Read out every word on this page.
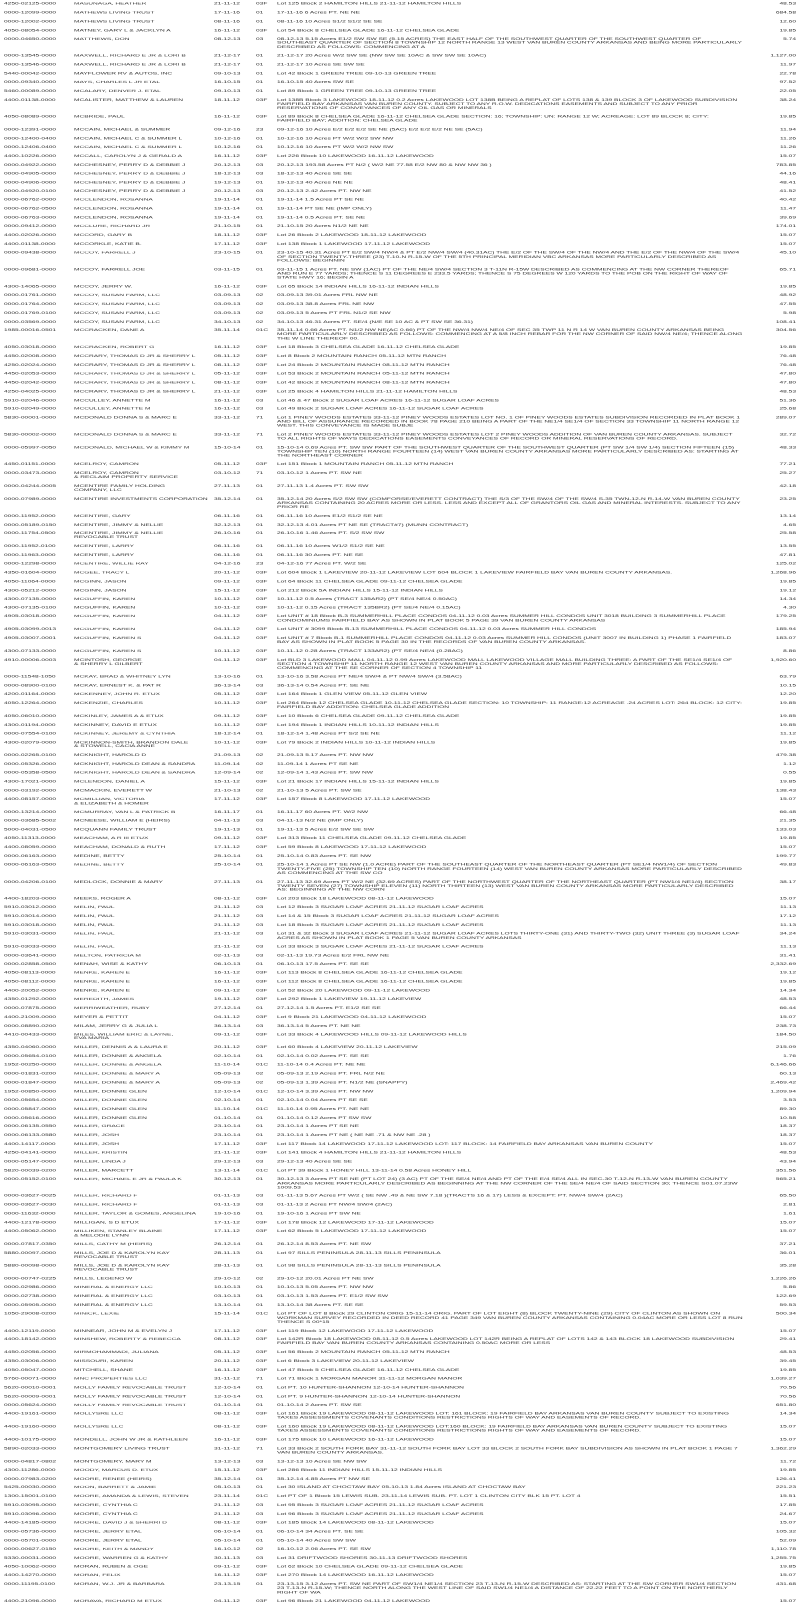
4250-02125-0000	MASUNAGA, HEATHER	21-11-12	03F	Lot 125 Block 2 HAMILTON HILLS 21-11-12 HAMILTON HILLS	48.53
0000-12099-0000	MATHEWS LIVING TRUST	17-11-16	01	17-11-16 6 Acres PT. NE NE	684.58
0000-12002-0000	MATHEWS LIVING TRUST	08-11-16	01	08-11-16 10 Acres S1/2 S1/2 SE SE	12.60
4050-08054-0000	MATNEY, GARY L & JACKLYN A	16-11-12	03F	Lot 54 Block 8 CHELSEA GLADE 16-11-12 CHELSEA GLADE	19.85
0000-04650-0000	MATTHEWS, DON	08-12-13	03	08-12-13 5.15 Acres E1/2 SW SW SE (5.15 ACRES) THE EAST HALF OF THE SOUTHWEST QUARTER OF THE SOUTHWEST QUARTER OF SOUTHEAST QUARTER OF SECTION 8 TOWNSHIP 12 NORTH RANGE 13 WEST VAN BUREN COUNTY ARKANSAS AND BEING MORE PARTICULARLY DESCRIBED AS FOLLOWS: COMMENCING AT A
5.74
0000-13545-0000	MAXWELL, RICHARD E JR & LORI B	21-12-17	01	21-12-17 20 Acres W/2 SW SE (NW SW SE 10AC & SW SW SE 10AC)	1,127.00
0000-13546-0000	MAXWELL, RICHARD E JR & LORI B	21-12-17	01	21-12-17 10 Acres SE SW SE	11.97
5440-00042-0000	MAYFLOWER RV & AUTOS, INC	09-10-13	01	Lot 42 Block 1 GREEN TREE 09-10-13 GREEN TREE	22.78
0000-09340-0000	MAYS, CHARLES L JR ETAL	16-10-15	01	16-10-15 40 Acres SW SE	97.52
5460-00089-0000	MCALARY, DENVER J. ETAL	09-10-13	01	Lot 89 Block 1 GREEN TREE 09-10-13 GREEN TREE	22.05
4400-01138-0000	MCALISTER, MATTHEW & LAUREN	18-11-12	03F	Lot 138B Block 3 LAKEWOOD 18-11-12 0.2 Acres LAKEWOOD LOT 138B BEING A REPLAT OF LOTS 138 & 139 BLOCK 3 OF LAKEWOOD SUBDIVISION FAIRFIELD BAY ARKANSAS VAN BUREN COUNTY. SUBJECT TO ANY R.O.W. DEDICATIONS EASEMENTS AND SUBJECT TO ANY PRIOR RESERVATIONS OF CONVEYANCES OF ANY OIL GAS OR MINERALS
38.24
4050-08089-0000	MCBRIDE, PAUL	16-11-12	03F	Lot 89 Block 8 CHELSEA GLADE 16-11-12 CHELSEA GLADE SECTION: 16; TOWNSHIP: UN: RANGE 12 W; ACREAGE: LOT 89 BLOCK 8; CITY: FAIRFIELD BAY; ADDITION: CHELSEA GLADE
19.85
0000-12391-0000	MCCAIN, MICHAEL & SUMMER	09-12-16	23	09-12-16 10 Acres E/2 E/2 E/2 SE NE (5AC) E/2 E/2 E/2 NE SE (5AC)	11.94
0000-12400-0400	MCCAIN, MICHAEL C & SUMMER L	10-12-16	01	10-12-16 10 Acres PT W/2 W/2 SW NW	11.26
0000-12406-0400	MCCAIN, MICHAEL C & SUMMER L	10-12-16	01	10-12-16 10 Acres PT W/2 W/2 NW SW	11.26
4400-10226-0000	MCCALL, CAROLYN J & GERALD A	16-11-12	03F	Lot 226 Block 10 LAKEWOOD 16-11-12 LAKEWOOD	15.07
0000-04922-0000	MCCHESNEY, PERRY D & DEBBIE J	20-12-13	03	20-12-13 193.58 Acres PT N/2 ( W/2 NE 77.58 E/2 NW 80 & NW NW 36 )	783.85
0000-04905-0000	MCCHESNEY, PERRY D & DEBBIE J	18-12-13	03	18-12-13 40 Acres SE SE	44.16
0000-04906-0000	MCCHESNEY, PERRY D & DEBBIE J	19-12-13	01	19-12-13 40 Acres NE NE	48.41
0000-04920-0100	MCCHESNEY, PERRY D & DEBBIE J	20-12-13	03	20-12-13 2.42 Acres PT. NW NE	41.52
0000-06762-0000	MCCLENDON, ROSANNA	19-11-14	01	19-11-14 1.5 Acres PT SE NE	40.42
0000-06762-0500	MCCLENDON, ROSANNA	19-11-14	01	19-11-14 PT SE NE (IMP ONLY)	11.47
0000-06763-0000	MCCLENDON, ROSANNA	19-11-14	01	19-11-14 0.5 Acres PT. SE NE	39.69
0000-09412-0000	MCCLURE, RICHARD JR	21-10-15	01	21-10-15 20 Acres N1/2 NE NE	174.01
4400-02026-0000	MCCORD, GARY B	18-11-12	03F	Lot 26 Block 2 LAKEWOOD 18-11-12 LAKEWOOD	15.07
4400-01138-0000	MCCORKLE, KATIE B.	17-11-12	03F	Lot 138 Block 1 LAKEWOOD 17-11-12 LAKEWOOD	15.07
0000-09438-0000	MCCOY, FARRELL J	23-10-15	01	23-10-15 40.31 Acres PT E/2 SW/4 NW/4 & PT E/2 NW/4 SW/4 (40.31AC) THE E/2 OF THE SW/4 OF THE NW/4 AND THE E/2 OF THE NW/4 OF THE SW/4 OF SECTION TWENTY-THREE (23) T-10-N R-15-W OF THE 5TH PRINCIPAL MERIDIAN VBC ARKANSAS MORE PARTICULARLY DESCRIBED AS FOLLOWS: BEGINNIN
45.10
0000-09681-0000	MCCOY, FARRELL JOE	03-11-15	01	03-11-15 1 Acres PT. NE SW (1AC) PT OF THE NE/4 SW/4 SECTION 3 T-11N R-15W DESCRIBED AS COMMENCING AT THE NW CORNER THEREOF AND RUN E 77 YARDS; THENCE S 11 DEGREES E 233.5 YARDS; THENCE S 75 DEGREES W 120 YARDS TO THE POB ON THE RIGHT OF WAY OF STATE HWY 16; BEGIN A
65.71
4300-14065-0000	MCCOY, JERRY W.	16-11-12	03F	Lot 65 Block 14 INDIAN HILLS 16-11-12 INDIAN HILLS	19.85
0000-01761-0000	MCCOY, SUSAN FARM, LLC	03-09-13	02	03-09-13 39.01 Acres FRL NW NE	48.92
0000-01764-0000	MCCOY, SUSAN FARM, LLC	03-09-13	02	03-09-13 38.8 Acres FRL NE NW	47.55
0000-01769-0100	MCCOY, SUSAN FARM, LLC	03-09-13	02	03-09-13 5 Acres PT FRL N1/2 SE NW	5.98
0000-03569-0000	MCCOY, SUSAN FARM, LLC	34-10-13	02	34-10-13 46.31 Acres PT. SE/4 (N/E SE 10 AC & PT SW SE 36.31)	108.41
1985-00016-0501	MCCRACKEN, DANE A	35-11-14	01C	35-11-14 0.66 Acres PT. N1/2 NW NE(AC 0.66) PT OF THE NW/4 NW/4 NE/4 OF SEC 35 TWP 11 N R 14 W VAN BUREN COUNTY ARKANSAS BEING MORE PARTICULARLY DESCRIBED AS FOLLOWS: COMMENCING AT A 5/8 INCH REBAR FOR THE NW CORNER OF SAID NW/4 NE/4; THENCE ALONG THE W LINE THEREOF 00.
304.56
4050-03018-0000	MCCRACKEN, ROBERT G	16-11-12	03F	Lot 18 Block 3 CHELSEA GLADE 16-11-12 CHELSEA GLADE	19.85
4450-02008-0000	MCCRARY, THOMAS D JR & SHERRY L	05-11-12	03F	Lot 8 Block 2 MOUNTAIN RANCH 05-11-12 MTN RANCH	76.48
4250-02024-0000	MCCRARY, THOMAS D JR & SHERRY L	08-11-12	03F	Lot 24 Block 2 MOUNTAIN RANCH 08-11-12 MTN RANCH	76.48
4450-02053-0000	MCCRARY, THOMAS D JR & SHERRY L	05-11-12	03F	Lot 53 Block 2 MOUNTAIN RANCH 05-11-12 MTN RANCH	47.80
4450-02042-0000	MCCRARY, THOMAS D JR & SHERRY L	08-11-12	03F	Lot 42 Block 2 MOUNTAIN RANCH 08-11-12 MTN RANCH	47.80
4250-04025-0000	MCCRARY, THOMAS D JR & SHERRY L	21-11-12	03F	Lot 25 Block 4 HAMILTON HILLS 21-11-12 HAMILTON HILLS	48.53
5910-02046-0000	MCCULLEY, ANNETTE M	16-11-12	03	Lot 46 & 47 Block 2 SUGAR LOAF ACRES 16-11-12 SUGAR LOAF ACRES	51.36
5910-02049-0000	MCCULLEY, ANNETTE M	16-11-12	03	Lot 49 Block 2 SUGAR LOAF ACRES 16-11-12 SUGAR LOAF ACRES	25.68
5830-00001-0000	MCDONALD DONNA S & MARC E	33-11-12	71	Lot 1 PINEY WOODS ESTATES 33-11-12 PINEY WOODS ESTATES LOT NO. 1 OF PINEY WOODS ESTATES SUBDIVISION RECORDED IN PLAT BOOK 1 AND BILL OF ASSURANCE RECORDED IN BOOK 78 PAGE 210 BEING A PART OF THE NE1/4 SE1/4 OF SECTION 33 TOWNSHIP 11 NORTH RANGE 12 WEST. THIS CONVEYANCE IS MADE SUBJE
289.07
5830-00002-0000	MCDONALD DONNA S & MARC E	33-11-12	71	Lot 2 PINEY WOODS ESTATES 33-11-12 PINEY WOODS ESTATES LOT 2 PINEY WOODS ADDITION OF VAN BUREN COUNTY ARKANSAS. SUBJECT TO ALL RIGHTS OF WAYS DEDICATIONS EASEMENTS CONVEYANCES OF RECORD OR MINERAL RESERVATIONS OF RECORD.
32.72
0000-05997-0050	MCDONALD, MICHAEL W & KIMMY M	15-10-14	01	15-10-14 0.69 Acres PT. SW SW PART OF THE SOUTHWEST QUARTER OF THE SOUTHWEST QUARTER (PT SW 1/4 SW 1/4) SECTION FIFTEEN (15) TOWNSHIP TEN (10) NORTH RANGE FOURTEEN (14) WEST VAN BUREN COUNTY ARKANSAS MORE PARTICULARLY DESCRIBED AS: STARTING AT THE NORTHEAST CORNER
48.33
4450-01151-0000	MCELROY, CAMRON	05-11-12	03F	Lot 151 Block 1 MOUNTAIN RANCH 05-11-12 MTN RANCH	77.21
0000-03473-0000	MCELROY, CAMRON
& RECLAIM PROPERTY SERVICE
03-10-12	71	03-10-12 1 Acres PT. SW NE	25.27
0000-04244-0005	MCENTIRE FAMILY HOLDING
COMPANY, LLC
27-11-13	01	27-11-13 1.4 Acres PT. SW SW	42.18
0000-07989-0000	MCENTIRE INVESTMENTS CORPORATION 35-12-14	01	35-12-14 20 Acres S/2 SW SW (COMFORSE/EVERETT CONTRACT) THE S/3 OF THE SW/4 OF THE SW/4 S-35 TWN-12-N R-14-W VAN BUREN COUNTY ARKANSAS CONTAINING 20 ACRES MORE OR LESS. LESS AND EXCEPT ALL OF GRANTORS OIL GAS AND MINERAL INTERESTS. SUBJECT TO ANY PRIOR RE
23.25
0000-11952-0000	MCENTIRE, GARY	06-11-16	01	06-11-16 10 Acres E1/2 S1/2 SE NE	13.14
0000-05189-0150	MCENTIRE, JIMMY & NELLIE	32-12-13	01	32-12-13 4.01 Acres PT NE SE (TRACT#7) (MUNN CONTRACT)	4.65
0000-11754-0500	MCENTIRE, JIMMY & NELLIE
REVOCABLE TRUST
26-10-16	01	26-10-16 1.46 Acres PT. S/2 SW SW	25.58
0000-11952-0100	MCENTIRE, LARRY	06-11-16	01	06-11-16 10 Acres W1/2 S1/2 SE NE	13.55
0000-11963-0000	MCENTIRE, LARRY	06-11-16	01	06-11-16 30 Acres PT. NE SE	47.81
0000-12298-0000	MCENTIRE, WILLIE RAY	04-12-16	23	04-12-16 77 Acres PT. W/2 SE	125.02
4350-01604-0000	MCGEE, TRACY L	20-11-12	03F	Lot 604 Block 1 LAKEVIEW 20-11-12 LAKEVIEW LOT 604 BLOCK 1 LAKEVIEW FAIRFIELD BAY VAN BUREN COUNTY ARKANSAS.	1,268.96
4050-11064-0000	MCGINN, JASON	09-11-12	03F	Lot 64 Block 11 CHELSEA GLADE 09-11-12 CHELSEA GLADE	19.85
4300-05212-0000	MCGINN, JASON	15-11-12	03F	Lot 212 Block 5A INDIAN HILLS 15-11-12 INDIAN HILLS	19.12
4300-07135-0000	MCGUFFIN, KAREN	10-11-12	03F	10-11-12 0.5 Acres (TRACT 135AR2) (PT SE/4 NE/4 0.50AC)	14.34
4300-07135-0100	MCGUFFIN, KAREN	10-11-12	03F	10-11-12 0.15 Acres (TRACT 135BR2) (PT SE/4 NE/4 0.15AC)	4.30
4905-03018-0000	MCGUFFIN, KAREN	04-11-12	03F	Lot UNIT # 18 Block B-3 SUMMERHILL PLACE CONDOS 04-11-12 0.03 Acres SUMMER HILL CONDOS UNIT 3018 BUILDING 3 SUMMERHILL PLACE CONDOMINIUMS FAIRFIELD BAY AS SHOWN IN PLAT BOOK 5 PAGE 39 VAN BUREN COUNTY ARKANSAS
179.25
4905-03099-0013	MCGUFFIN, KAREN	04-11-12	03F	Lot UNIT # 3099 Block B-13 SUMMERHILL PLACE CONDOS 04-11-12 0.03 Acres SUMMER HILL CONDOS	185.94
4905-03007-0001	MCGUFFIN, KAREN S	04-11-12	03F	Lot UNIT # 7 Block B-1 SUMMERHILL PLACE CONDOS 04-11-12 0.03 Acres SUMMER HILL CONDOS (UNIT 3007 IN BUILDING 1) PHASE 1 FAIRFIELD BAY AS SHOWN IN PLAT BOOK 5 PAGE 30 IN THE RECORDS OF VAN BUREN COUNTY ARKANSAS.
183.07
4300-07133-0000	MCGUFFIN, KAREN S	10-11-12	03F	10-11-12 0.28 Acres (TRACT 133AR2) (PT SE/4 NE/4 (0.28AC)	8.86
4910-00006-0003	MCINTOSH, GEORGE
& SHERRY L GILBERT
04-11-12	03F	Lot BLD 3 LAKEWOOD MALL 04-11-12 0.99 Acres LAKEWOOD MALL LAKEWOOD VILLAGE MALL BUILDING THREE: A PART OF THE SE1/4 SE1/4 OF SECTION 4 TOWNSHIP 11 NORTH RANGE 12 WEST VAN BUREN COUNTY ARKANSAS AND MORE PARTICULARLY DESCRIBED AS FOLLOWS: COMMENCING AT THE SE CORNER OF SECTION 4 TOWNSHIP 11
1,920.60
0000-11548-1050	MCKAY, BRAD & WHITNEY LYN	13-10-16	01	13-10-16 3.58 Acres PT NE/4 SW/4 & PT NW/4 SW/4 (3.58AC)	63.79
0000-08900-0100	MCKAY, ERNEST K. & PAT R	36-13-14	03	36-13-14 0.54 Acres PT. SE NE	10.15
4200-01164-0000	MCKENNEY, JOHN R. ETUX	05-11-12	03F	Lot 164 Block 1 GLEN VIEW 05-11-12 GLEN VIEW	12.20
4050-12264-0000	MCKENZIE, CHARLES	10-11-12	03F	Lot 264 Block 12 CHELSEA GLADE 10-11-12 CHELSEA GLADE SECTION: 10 TOWNSHIP: 11 RANGE:12 ACREAGE .24 ACRES LOT: 264 BLOCK: 12 CITY: FAIRFIELD BAY ADDITION: CHELSEA GLADE ADDITION
19.85
4050-06010-0000	MCKINLEY, JAMES A & ETUX	09-11-12	03F	Lot 10 Block 6 CHELSEA GLADE 09-11-12 CHELSEA GLADE	19.85
4300-01194-0000	MCKINNEY, DAVID E ETUX	10-11-12	03F	Lot 194 Block 1 INDIAN HILLS 10-11-12 INDIAN HILLS	19.85
0000-07554-0100	MCKINNEY, JEREMY & CYNTHIA	18-12-14	01	18-12-14 1.48 Acres PT S/2 SE NE	11.12
4300-02079-0000	MCKINNON-SMITH, BRANDON DALE
& STOWELL, CACIA ANNE
10-11-12	03F	Lot 79 Block 2 INDIAN HILLS 10-11-12 INDIAN HILLS	19.85
0000-02265-0100	MCKNIGHT, HAROLD D	21-09-13	02	21-09-13 5.17 Acres PT. NW NW	479.38
0000-05326-0000	MCKNIGHT, HAROLD DEAN & SANDRA	11-09-14	02	11-09-14 1 Acres PT SE NE	1.12
0000-05358-0500	MCKNIGHT, HAROLD DEAN & SANDRA	12-09-14	02	12-09-14 1.43 Acres PT. SW NW	0.55
4300-17021-0000	MCLENDON, DANIEL A	15-11-12	03F	Lot 21 Block 17 INDIAN HILLS 15-11-12 INDIAN HILLS	19.85
0000-03192-0000	MCMACKIN, EVERETT W	21-10-13	02	21-10-13 5 Acres PT. SW SE	138.43
4400-08157-0000	MCMILLIAN, VICTORIA
& ELIZABETH & HOMER
17-11-12	03F	Lot 157 Block 8 LAKEWOOD 17-11-12 LAKEWOOD	15.07
0000-13214-0000	MCMURRAY, VAN L & PATRICK B	16-11-17	01	16-11-17 60 Acres PT. W/2 NW	66.48
0000-03685-5002	MCNEESE, WILLIAM E (HEIRS)	04-11-13	03	04-11-13 N/2 NE (IMP ONLY)	21.35
5000-04031-0500	MCQUANN FAMILY TRUST	19-11-13	01	19-11-13 5 Acres E/2 SW SE SW	133.03
4050-11313-0000	MEACHAM, A R III ETUX	09-11-12	03F	Lot 313 Block 11 CHELSEA GLADE 09-11-12 CHELSEA GLADE	19.85
4400-08059-0000	MEACHAM, DONALD & RUTH	17-11-12	03F	Lot 59 Block 8 LAKEWOOD 17-11-12 LAKEWOOD	15.07
0000-06163-0000	MEDINE, BETTY	25-10-14	01	25-10-14 0.83 Acres PT. SE NW	199.77
0000-06163-0500	MEDINE, BETTY	25-10-14	01	25-10-14 1 Acres PT SE NW (1.0 ACRE) PART OF THE SOUTHEAST QUARTER OF THE NORTHEAST QUARTER (PT SE1/4 NW1/4) OF SECTION TWENTY-FIVE (25) TOWNSHIP TEN (10) NORTH RANGE FOURTEEN (14) WEST VAN BUREN COUNTY ARKANSAS MORE PARTICULARLY DESCRIBED AS COMMENCING AT THE SW CO
49.83
0000-04206-0100	MEDLOCK, DONNIE & MARY	27-11-13	01	27-11-13 32.69 Acres PT W/2 NE (32.69 ACRES) PART OF THE NORTHWEST QUARTER OF THE NORTHEAST QUARTER (PT NW1/4 NE1/4) SECTION TWENTY SEVEN (27) TOWNSHIP ELEVEN (11) NORTH THIRTEEN (13) WEST VAN BUREN COUNTY ARKANSAS MORE PARTICULARLY DESCRIBED AS: BEGINNING AT THE NW CORN
38.17
4400-18203-0000	MEEKS, ROGER A	08-11-12	03F	Lot 203 Block 18 LAKEWOOD 08-11-12 LAKEWOOD	15.07
5910-03012-0000	MELIN, PAUL	21-11-12	03	Lot 12 Block 3 SUGAR LOAF ACRES 21-11-12 SUGAR LOAF ACRES	11.13
5910-03014-0000	MELIN, PAUL	21-11-12	03	Lot 14 & 15 Block 3 SUGAR LOAF ACRES 21-11-12 SUGAR LOAF ACRES	17.12
5910-03018-0000	MELIN, PAUL	21-11-12	03	Lot 18 Block 3 SUGAR LOAF ACRES 21-11-12 SUGAR LOAF ACRES	11.13
5910-03031-0000	MELIN, PAUL	21-11-12	03	Lot 31 & 32 Block 3 SUGAR LOAF ACRES 21-11-12 SUGAR LOAF ACRES LOTS THIRTY-ONE (31) AND THIRTY-TWO (32) UNIT THREE (3) SUGAR LOAF ACRES AS SHOWN IN PLAT BOOK 1 PAGE 5 VAN BUREN COUNTY ARKANSAS
34.24
5910-03033-0000	MELIN, PAUL	21-11-12	03	Lot 33 Block 3 SUGAR LOAF ACRES 21-11-12 SUGAR LOAF ACRES	11.13
0000-03641-0000	MELTON, PATRICIA M	02-11-13	03	02-11-13 19.73 Acres E/2 FRL NW NE	31.41
0000-02858-0500	MENAH, WISE & KATHY	06-10-13	01	06-10-13 17.5 Acres PT. SE SE	2,332.69
4050-08113-0000	MENKE, KAREN E	16-11-12	03F	Lot 113 Block 8 CHELSEA GLADE 16-11-12 CHELSEA GLADE	19.12
4050-08112-0000	MENKE, KAREN E	16-11-12	03F	Lot 112 Block 8 CHELSEA GLADE 16-11-12 CHELSEA GLADE	19.85
4400-20052-0000	MENKE, KAREN E	09-11-12	03F	Lot 52 Block 20 LAKEWOOD 09-11-12 LAKEWOOD	14.34
4350-01292-0000	MEREDITH, JAMES	19-11-12	03F	Lot 292 Block 1 LAKEVIEW 19-11-12 LAKEVIEW	48.53
0000-07875-0000	MERRIWEATHER, RUBY	27-12-14	01	27-12-14 1.5 Acres PT. E1/2 SE SE	66.44
4400-21009-0000	MEYER & PETTIT	04-11-12	03F	Lot 9 Block 21 LAKEWOOD 04-11-12 LAKEWOOD	15.07
0000-08890-0200	MILAM, JERRY G & JULIA L	36-13-14	03	36-13-14 5 Acres PT. NE NE	238.73
4410-00433-0000	MILES, WILLIAM ERIC & LAYNE,
EVA MARIA
09-11-12	03F	Lot 33 Block 4 LAKEWOOD HILLS 09-11-12 LAKEWOOD HILLS	184.50
4350-04060-0000	MILLER, DENNIS A & LAURA E	20-11-12	03F	Lot 60 Block 4 LAKEVIEW 20-11-12 LAKEVIEW	215.09
0000-05654-0100	MILLER, DONNIE & ANGELA	02-10-14	01	02-10-14 0.02 Acres PT. SE SE	1.76
1952-00250-0000	MILLER, DONNIE & ANGELA	11-10-14	01C	11-10-14 0.4 Acres PT. NE NE	6,146.66
0000-01831-0200	MILLER, DONNIE & MARY A	05-09-13	02	05-09-13 2.19 Acres PT. FRL N/2 NE	60.13
0000-01847-0000	MILLER, DONNIE & MARY A	05-09-13	02	05-09-13 1.39 Acres PT. N1/2 NE (SNAPPY)	2,469.42
1952-00850-0000	MILLER, DONNIE GLEN	12-10-14	01C	12-10-14 3.39 Acres PT. NW NW	1,209.94
0000-05654-0000	MILLER, DONNIE GLEN	02-10-14	01	02-10-14 0.04 Acres PT SE SE	3.53
0000-05847-0000	MILLER, DONNIE GLEN	11-10-14	01C	11-10-14 0.95 Acres PT. NE NE	89.30
0000-05616-0000	MILLER, DONNIE GLEN	01-10-14	01	01-10-14 0.12 Acres PT SW SW	10.58
0000-06135-0550	MILLER, GRACE	23-10-14	01	23-10-14 1 Acres PT SE NE	18.37
0000-06133-0580	MILLER, JOSH	23-10-14	01	23-10-14 1 Acres PT NE ( NE NE .71 & NW NE .28 )	18.37
4400-14117-0000	MILLER, JOSH	17-11-12	03F	Lot 117 Block 14 LAKEWOOD 17-11-12 LAKEWOOD LOT: 117 BLOCK: 14 FAIRFIELD BAY ARKANSAS VAN BUREN COUNTY	15.07
4250-04141-0000	MILLER, KRISTIN	21-11-12	03F	Lot 141 Block 4 HAMILTON HILLS 21-11-12 HAMILTON HILLS	48.53
0000-05147-0000	MILLER, LINDA J	29-12-13	03	29-12-13 40 Acres SE SE	43.94
5820-00039-0200	MILLER, MARCETT	13-11-14	01C	Lot PT 39 Block 1 HONEY HILL 13-11-14 0.58 Acres HONEY HILL	351.56
0000-05152-0100	MILLER, MICHAEL E JR & PAULA K	30-12-13	01	30-12-13 3 Acres PT SE NE (PT LOT 24) (3 AC) PT OF THE SE/4 NE/4 AND PT OF THE E/4 SE/4 ALL IN SEC-30 T-12-N R-13-W VAN BUREN COUNTY ARKANSAS MORE PARTICULARLY DESCRIBED AS BEGINNING AT THE NW CORNER OF THE SE/4 NE/4 OF SAID SECTION 30; THENCE S01.07.23W 1009.53
565.21
0000-03627-0025	MILLER, RICHARD F	01-11-13	03	01-11-13 5.67 Acres PT W/2 ( SE NW .49 & NE SW 7.18 )(TRACTS 16 & 17) LESS & EXCEPT: PT. NW/4 SW/4 (2AC)	65.50
0000-03627-0030	MILLER, RICHARD F	01-11-13	03	01-11-13 2 Acres PT NW/4 SW/4 (2AC)	2.81
0000-11632-0000	MILLER, TAYLOR & GOMES, ANGELINA	19-10-16	01	19-10-16 1 Acres PT SW NE	1.61
4400-12178-0000	MILLIGAN, S D ETUX	17-11-12	03F	Lot 178 Block 12 LAKEWOOD 17-11-12 LAKEWOOD	15.07
4400-05062-0000	MILLIKEN, STANLEY BLAINE
& MELODIE LYNN
17-11-12	03F	Lot 62 Block 5 LAKEWOOD 17-11-12 LAKEWOOD	15.07
0000-07817-0350	MILLS, CATHY M (HEIRS)	26-12-14	01	26-12-14 8.53 Acres PT. NE SW	37.21
5880-00097-0000	MILLS, JOE D & KAROLYN KAY
REVOCABLE TRUST
28-11-13	01	Lot 97 SILLS PENINSULA 28-11-13 SILLS PENINSULA	36.01
5880-00098-0000	MILLS, JOE D & KAROLYN KAY
REVOCABLE TRUST
28-11-13	01	Lot 98 SILLS PENINSULA 28-11-13 SILLS PENINSULA	35.28
0000-00747-0225	MILLS, LEGENO W	29-10-12	02	29-10-12 20.01 Acres PT NE SW	1,226.26
0000-02986-0000	MINERAL & ENERGY LLC	10-10-13	01	10-10-13 5.05 Acres PT. NW NW	5.86
0000-02738-0000	MINERAL & ENERGY LLC	03-10-13	01	03-10-13 1.53 Acres PT. E1/2 SW SW	122.69
0000-05905-0000	MINERAL & ENERGY LLC	13-10-14	01	13-10-14 38 Acres PT. SE SE	59.53
1050-29008-0200	MINICK, LEXIE	15-11-14	01C	Lot PT OF LOT 8 Block 29 CLINTON ORIG 15-11-14 ORIG. PART OF LOT EIGHT (8) BLOCK TWENTY-NINE (29) CITY OF CLINTON AS SHOWN ON WORKMAN SURVEY RECORDED IN DEED RECORD 41 PAGE 349 VAN BUREN COUNTY ARKANSAS CONTAINING 0.04AC MORE OR LESS LOT 8 RUN THENCE S 00*15
500.34
4400-12119-0000	MINNEAR, JOHN M & EVELYN J	17-11-12	03F	Lot 119 Block 12 LAKEWOOD 17-11-12 LAKEWOOD	15.07
4400-18142-0000	MINSHEW, ROBERTY & REBECCA	08-11-12	03F	Lot 142R Block 18 LAKEWOOD 08-11-12 0.5 Acres LAKEWOOD LOT 142R BEING A REPLAT OF LOTS 142 & 143 BLOCK 18 LAKEWOOD SUBDIVISION FAIRFIELD BAY VAN BUREN COUNTY ARKANSAS CONTAINING 0.50AC MORE OR LESS
29.41
4450-02056-0000	MIRMOHAMMADI, JULIANA	05-11-12	03F	Lot 56 Block 2 MOUNTAIN RANCH 05-11-12 MTN RANCH	48.53
4350-03006-0000	MISSOURI, KAREN	20-11-12	03F	Lot 6 Block 3 LAKEVIEW 20-11-12 LAKEVIEW	39.45
4050-05047-0000	MITCHELL, SHANE	16-11-12	03F	Lot 47 Block 5 CHELSEA GLADE 16-11-12 CHELSEA GLADE	19.85
5760-00071-0000	MNC PROPERTIES LLC	31-11-12	71	Lot 71 Block 1 MORGAN MANOR 31-11-12 MORGAN MANOR	1,039.27
5620-00010-0001	MOLLY FAMILY REVOCABLE TRUST	12-10-14	01	Lot PT. 10 HUNTER-SHANNON 12-10-14 HUNTER-SHANNON	70.56
5620-00009-0001	MOLLY FAMILY REVOCABLE TRUST	12-10-14	01	Lot PT. 9 HUNTER-SHANNON 12-10-14 HUNTER-SHANNON	70.56
0000-05624-0000	MOLLY FAMILY REVOCABLE TRUST	01-10-14	01	01-10-14 2 Acres PT. SW SE	651.80
4400-19161-0000	MOLLYSRE LLC	08-11-12	03F	Lot 161 Block 19 LAKEWOOD 08-11-12 LAKEWOOD LOT: 161 BLOCK: 19 FAIRFIELD BAY ARKANSAS VAN BUREN COUNTY SUBJECT TO EXISTING TAXES ASSESSMENTS COVENANTS CONDITIONS RESTRICTIONS RIGHTS OF WAY AND EASEMENTS OF RECORD.
14.34
4400-19160-0000	MOLLYSRE LLC	08-11-12	03F	Lot 160 Block 19 LAKEWOOD 08-11-12 LAKEWOOD LOT:160 BLOCK: 19 FAIRFIELD BAY ARKANSAS VAN BUREN COUNTY SUBJECT TO EXISTING TAXES ASSESSMENTS COVENANTS CONDITIONS RESTRICTIONS RIGHTS OF WAY AND EASEMENTS OF RECORD.
15.07
4400-10175-0000	MONDELL, JOHN W JR & KATHLEEN	16-11-12	03F	Lot 175 Block 10 LAKEWOOD 16-11-12 LAKEWOOD	15.07
5890-02033-0000	MONTGOMERY LIVING TRUST	31-11-12	71	Lot 33 Block 2 SOUTH FORK BAY 31-11-12 SOUTH FORK BAY LOT 33 BLOCK 2 SOUTH FORK BAY SUBDIVISION AS SHOWN IN PLAT BOOK 1 PAGE 7 VAN BUREN COUNTY ARKANSAS.
1,362.29
0000-04817-0802	MONTGOMERY, MARY M	13-12-13	03	13-12-13 10 Acres SE NW SW	11.72
4300-11286-0000	MOODY, MARCUS D. ETUX	15-11-12	03F	Lot 286 Block 11 INDIAN HILLS 15-11-12 INDIAN HILLS	19.85
0000-07983-0200	MOORE, RENEE (HEIRS)	35-12-14	01	35-12-14 4.85 Acres PT NW SE	126.41
5425-00030-0000	MOON, BARRETT & JAMIE	05-10-13	01	Lot 30 ISLAND AT CHOCTAW BAY 05-10-13 1.84 Acres ISLAND AT CHOCTAW BAY	221.23
1300-15001-0100	MOORE, AMANDA & LEWIS, STEVEN	23-11-14	01C	Lot PT OF 1 Block 15 LEWIS SUB. 23-11-14 LEWIS SUB. PT. LOT 1 CLINTON CITY BLK 15 PT. LOT 4	15.51
5910-03095-0000	MOORE, CYNTHIA C	21-11-12	03	Lot 95 Block 3 SUGAR LOAF ACRES 21-11-12 SUGAR LOAF ACRES	17.85
5910-03096-0000	MOORE, CYNTHIA C	21-11-12	03	Lot 96 Block 3 SUGAR LOAF ACRES 21-11-12 SUGAR LOAF ACRES	24.67
4400-14185-0000	MOORE, DAVID J & SHERRI D	08-11-12	03F	Lot 185 Block 14 LAKEWOOD 08-11-12 LAKEWOOD	15.07
0000-05736-0000	MOORE, JERRY ETAL	06-10-14	01	06-10-14 34 Acres PT. SE SE	105.32
0000-05701-0000	MOORE, JERRY ETAL	05-10-14	01	05-10-14 40 Acres SW SW	52.09
0000-00627-0150	MOORE, KEITH & MANDY	16-10-12	02	16-10-12 2.06 Acres PT. SE SW	1,110.78
5330-00031-0000	MOORE, WARREN G & KATHY	30-11-13	03	Lot 31 DRIFTWOOD SHORES 30-11-13 DRIFTWOOD SHORES	1,255.75
4050-10062-0000	MORAN, RUBEN & OGE	09-11-12	03F	Lot 62 Block 10 CHELSEA GLADE 09-11-12 CHELSEA GLADE	19.85
4400-14270-0000	MORAN, FELIX	16-11-12	03F	Lot 270 Block 14 LAKEWOOD 16-11-12 LAKEWOOD	15.07
0000-11195-0100	MORAN, W.J. JR & BARBARA	23-13-15	01	23-13-15 3.12 Acres PT. SW NE PART OF SW1/4 NE1/4 SECTION 23 T-13-N R-15-W DESCRIBED AS: STARTING AT THE SW CORNER SW1/4 SECTION 23 T-13-N R-15-W; THENCE NORTH ALONG THE WEST LINE OF SAID SW1/4 NE1/4 A DISTANCE OF 22.22 FEET TO A POINT ON THE NORTHERLY RIGHT OF WA
431.68
4400-21096-0000	MORAVA, RICHARD M ETUX	04-11-12	03F	Lot 96 Block 21 LAKEWOOD 04-11-12 LAKEWOOD	15.07
